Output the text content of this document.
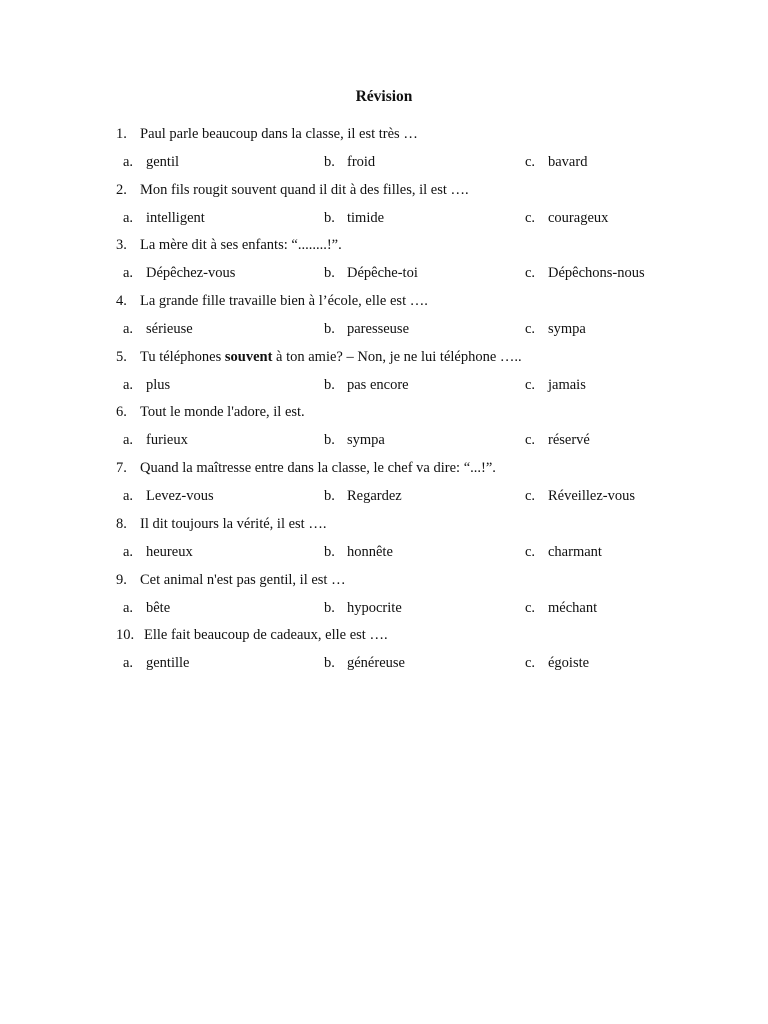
Révision
1. Paul parle beaucoup dans la classe, il est très …
a. gentil	b. froid	c. bavard
2. Mon fils rougit souvent quand il dit à des filles, il est ….
a. intelligent	b. timide	c. courageux
3. La mère dit à ses enfants: “........!”.
a. Dépêchez-vous	b. Dépêche-toi	c. Dépêchons-nous
4. La grande fille travaille bien à l’école, elle est ….
a. sérieuse	b. paresseuse	c. sympa
5. Tu téléphones souvent à ton amie? – Non, je ne lui téléphone …..
a. plus	b. pas encore	c. jamais
6. Tout le monde l'adore, il est.
a. furieux	b. sympa	c. réservé
7. Quand la maîtresse entre dans la classe, le chef va dire: “...!”.
a. Levez-vous	b. Regardez	c. Réveillez-vous
8. Il dit toujours la vérité, il est ….
a. heureux	b. honnête	c. charmant
9. Cet animal n'est pas gentil, il est …
a. bête	b. hypocrite	c. méchant
10. Elle fait beaucoup de cadeaux, elle est ….
a. gentille	b. généreuse	c. égoiste
